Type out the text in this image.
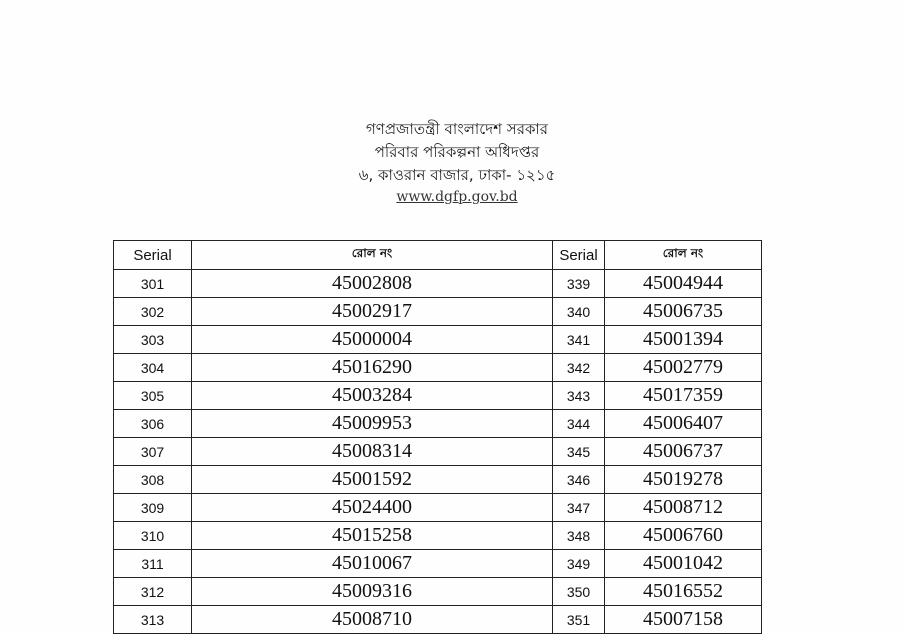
গণপ্রজাতন্ত্রী বাংলাদেশ সরকার
পরিবার পরিকল্পনা অধিদপ্তর
৬, কাওরান বাজার, ঢাকা- ১২১৫
www.dgfp.gov.bd
Serial	রোল নং	Serial	রোল নং
301	45002808	339	45004944
302	45002917	340	45006735
303	45000004	341	45001394
304	45016290	342	45002779
305	45003284	343	45017359
306	45009953	344	45006407
307	45008314	345	45006737
308	45001592	346	45019278
309	45024400	347	45008712
310	45015258	348	45006760
311	45010067	349	45001042
312	45009316	350	45016552
313	45008710	351	45007158
